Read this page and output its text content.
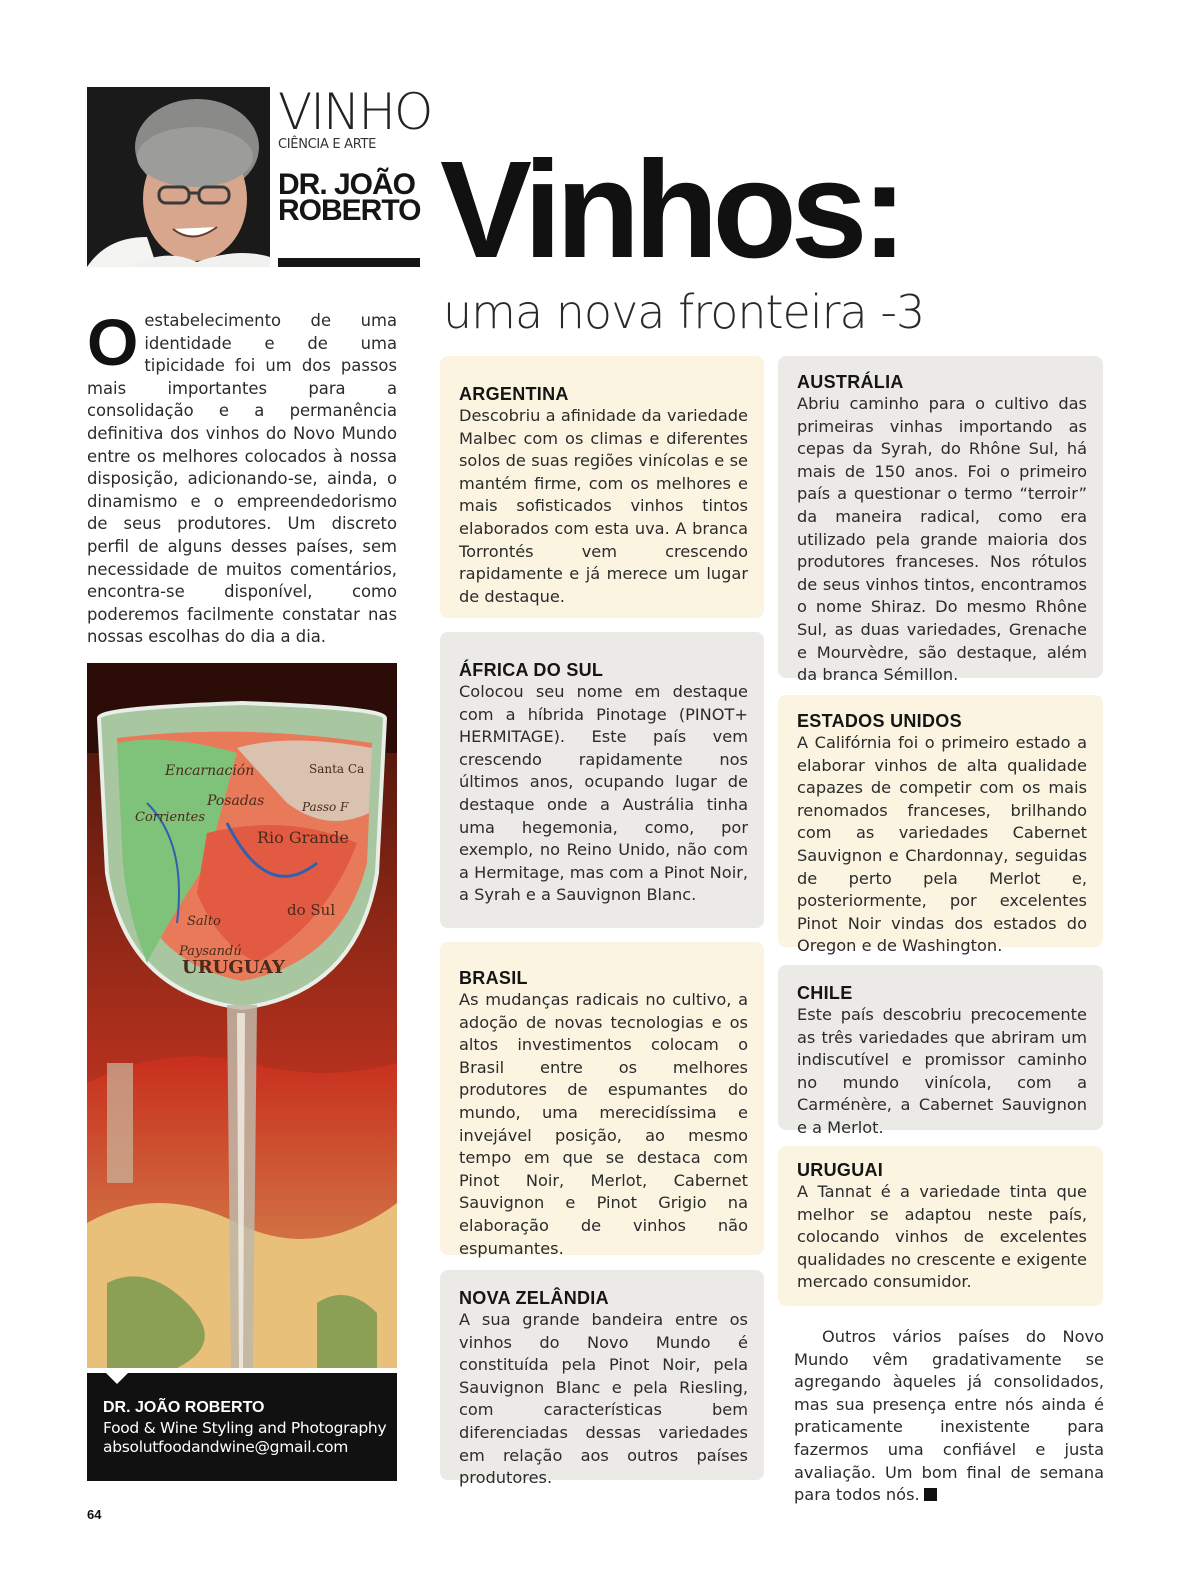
VINHO
CIÊNCIA E ARTE
DR. JOÃO
ROBERTO Vinhos:
uma nova fronteira -3

Oestabelecimento de uma identidade e de uma tipicidade foi um dos passos mais importantes para a consolidação e a permanência definitiva dos vinhos do Novo Mundo entre os melhores colocados à nossa disposição, adicionando-se, ainda, o dinamismo e o empreendedorismo de seus produtores. Um discreto perfil de alguns desses países, sem necessidade de muitos comentários, encontra-se disponível, como poderemos facilmente constatar nas nossas escolhas do dia a dia.

Encarnación
Posadas
Corrientes
Rio Grande
do Sul
Salto
URUGUAY
Paysandú
Santa Ca
Passo F
DR. JOÃO ROBERTO
Food & Wine Styling and Photography
absolutfoodandwine@gmail.com
ARGENTINA

Descobriu a afinidade da variedade Malbec com os climas e diferentes solos de suas regiões vinícolas e se mantém firme, com os melhores e mais sofisticados vinhos tintos elaborados com esta uva. A branca Torrontés vem crescendo rapidamente e já merece um lugar de destaque.

ÁFRICA DO SUL

Colocou seu nome em destaque com a híbrida Pinotage (PINOT+ HERMITAGE). Este país vem crescendo rapidamente nos últimos anos, ocupando lugar de destaque onde a Austrália tinha uma hegemonia, como, por exemplo, no Reino Unido, não com a Hermitage, mas com a Pinot Noir, a Syrah e a Sauvignon Blanc.

BRASIL

As mudanças radicais no cultivo, a adoção de novas tecnologias e os altos investimentos colocam o Brasil entre os melhores produtores de espumantes do mundo, uma merecidíssima e invejável posição, ao mesmo tempo em que se destaca com Pinot Noir, Merlot, Cabernet Sauvignon e Pinot Grigio na elaboração de vinhos não espumantes.

NOVA ZELÂNDIA

A sua grande bandeira entre os vinhos do Novo Mundo é constituída pela Pinot Noir, pela Sauvignon Blanc e pela Riesling, com características bem diferenciadas dessas variedades em relação aos outros países produtores.

AUSTRÁLIA

Abriu caminho para o cultivo das primeiras vinhas importando as cepas da Syrah, do Rhône Sul, há mais de 150 anos. Foi o primeiro país a questionar o termo “terroir” da maneira radical, como era utilizado pela grande maioria dos produtores franceses. Nos rótulos de seus vinhos tintos, encontramos o nome Shiraz. Do mesmo Rhône Sul, as duas variedades, Grenache e Mourvèdre, são destaque, além da branca Sémillon.

ESTADOS UNIDOS

A Califórnia foi o primeiro estado a elaborar vinhos de alta qualidade capazes de competir com os mais renomados franceses, brilhando com as variedades Cabernet Sauvignon e Chardonnay, seguidas de perto pela Merlot e, posteriormente, por excelentes Pinot Noir vindas dos estados do Oregon e de Washington.

CHILE

Este país descobriu precocemente as três variedades que abriram um indiscutível e promissor caminho no mundo vinícola, com a Carménère, a Cabernet Sauvignon e a Merlot.

URUGUAI

A Tannat é a variedade tinta que melhor se adaptou neste país, colocando vinhos de excelentes qualidades no crescente e exigente mercado consumidor.

Outros vários países do Novo Mundo vêm gradativamente se agregando àqueles já consolidados, mas sua presença entre nós ainda é praticamente inexistente para fazermos uma confiável e justa avaliação. Um bom final de semana para todos nós.

64
